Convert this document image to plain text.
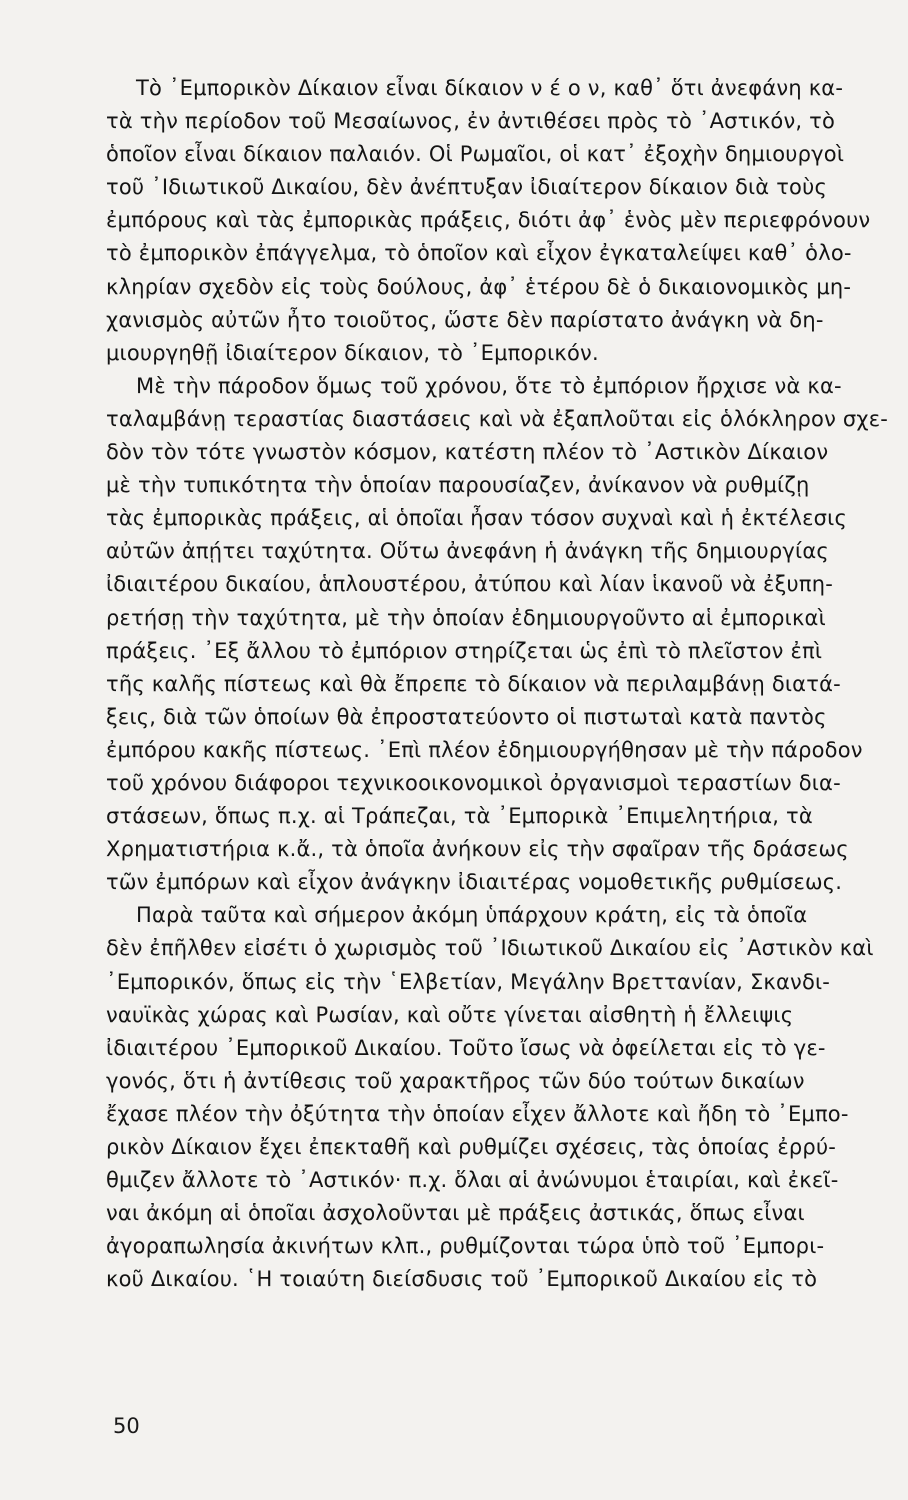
Τὸ ᾿Εμπορικὸν Δίκαιον εἶναι δίκαιον ν έ ο ν, καθ᾿ ὅτι ἀνεφάνη κα-
τὰ τὴν περίοδον τοῦ Μεσαίωνος, ἐν ἀντιθέσει πρὸς τὸ ᾿Αστικόν, τὸ
ὁποῖον εἶναι δίκαιον παλαιόν. Οἱ Ρωμαῖοι, οἱ κατ᾿ ἐξοχὴν δημιουργοὶ
τοῦ ᾿Ιδιωτικοῦ Δικαίου, δὲν ἀνέπτυξαν ἰδιαίτερον δίκαιον διὰ τοὺς
ἐμπόρους καὶ τὰς ἐμπορικὰς πράξεις, διότι ἀφ᾿ ἑνὸς μὲν περιεφρόνουν
τὸ ἐμπορικὸν ἐπάγγελμα, τὸ ὁποῖον καὶ εἶχον ἐγκαταλείψει καθ᾿ ὁλο-
κληρίαν σχεδὸν εἰς τοὺς δούλους, ἀφ᾿ ἑτέρου δὲ ὁ δικαιονομικὸς μη-
χανισμὸς αὐτῶν ἦτο τοιοῦτος, ὥστε δὲν παρίστατο ἀνάγκη νὰ δη-
μιουργηθῇ ἰδιαίτερον δίκαιον, τὸ ᾿Εμπορικόν.
Μὲ τὴν πάροδον ὅμως τοῦ χρόνου, ὅτε τὸ ἐμπόριον ἤρχισε νὰ κα-
ταλαμβάνῃ τεραστίας διαστάσεις καὶ νὰ ἐξαπλοῦται εἰς ὁλόκληρον σχε-
δὸν τὸν τότε γνωστὸν κόσμον, κατέστη πλέον τὸ ᾿Αστικὸν Δίκαιον
μὲ τὴν τυπικότητα τὴν ὁποίαν παρουσίαζεν, ἀνίκανον νὰ ρυθμίζῃ
τὰς ἐμπορικὰς πράξεις, αἱ ὁποῖαι ἦσαν τόσον συχναὶ καὶ ἡ ἐκτέλεσις
αὐτῶν ἀπῄτει ταχύτητα. Οὕτω ἀνεφάνη ἡ ἀνάγκη τῆς δημιουργίας
ἰδιαιτέρου δικαίου, ἁπλουστέρου, ἀτύπου καὶ λίαν ἱκανοῦ νὰ ἐξυπη-
ρετήσῃ τὴν ταχύτητα, μὲ τὴν ὁποίαν ἐδημιουργοῦντο αἱ ἐμπορικαὶ
πράξεις. ᾿Εξ ἄλλου τὸ ἐμπόριον στηρίζεται ὡς ἐπὶ τὸ πλεῖστον ἐπὶ
τῆς καλῆς πίστεως καὶ θὰ ἔπρεπε τὸ δίκαιον νὰ περιλαμβάνῃ διατά-
ξεις, διὰ τῶν ὁποίων θὰ ἐπροστατεύοντο οἱ πιστωταὶ κατὰ παντὸς
ἐμπόρου κακῆς πίστεως. ᾿Επὶ πλέον ἐδημιουργήθησαν μὲ τὴν πάροδον
τοῦ χρόνου διάφοροι τεχνικοοικονομικοὶ ὀργανισμοὶ τεραστίων δια-
στάσεων, ὅπως π.χ. αἱ Τράπεζαι, τὰ ᾿Εμπορικὰ ᾿Επιμελητήρια, τὰ
Χρηματιστήρια κ.ἄ., τὰ ὁποῖα ἀνήκουν εἰς τὴν σφαῖραν τῆς δράσεως
τῶν ἐμπόρων καὶ εἶχον ἀνάγκην ἰδιαιτέρας νομοθετικῆς ρυθμίσεως.
Παρὰ ταῦτα καὶ σήμερον ἀκόμη ὑπάρχουν κράτη, εἰς τὰ ὁποῖα
δὲν ἐπῆλθεν εἰσέτι ὁ χωρισμὸς τοῦ ᾿Ιδιωτικοῦ Δικαίου εἰς ᾿Αστικὸν καὶ
᾿Εμπορικόν, ὅπως εἰς τὴν ῾Ελβετίαν, Μεγάλην Βρεττανίαν, Σκανδι-
ναυϊκὰς χώρας καὶ Ρωσίαν, καὶ οὔτε γίνεται αἰσθητὴ ἡ ἔλλειψις
ἰδιαιτέρου ᾿Εμπορικοῦ Δικαίου. Τοῦτο ἴσως νὰ ὀφείλεται εἰς τὸ γε-
γονός, ὅτι ἡ ἀντίθεσις τοῦ χαρακτῆρος τῶν δύο τούτων δικαίων
ἔχασε πλέον τὴν ὀξύτητα τὴν ὁποίαν εἶχεν ἄλλοτε καὶ ἤδη τὸ ᾿Εμπο-
ρικὸν Δίκαιον ἔχει ἐπεκταθῆ καὶ ρυθμίζει σχέσεις, τὰς ὁποίας ἐρρύ-
θμιζεν ἄλλοτε τὸ ᾿Αστικόν· π.χ. ὅλαι αἱ ἀνώνυμοι ἑταιρίαι, καὶ ἐκεῖ-
ναι ἀκόμη αἱ ὁποῖαι ἀσχολοῦνται μὲ πράξεις ἀστικάς, ὅπως εἶναι
ἀγοραπωλησία ἀκινήτων κλπ., ρυθμίζονται τώρα ὑπὸ τοῦ ᾿Εμπορι-
κοῦ Δικαίου. ῾Η τοιαύτη διείσδυσις τοῦ ᾿Εμπορικοῦ Δικαίου εἰς τὸ
50
